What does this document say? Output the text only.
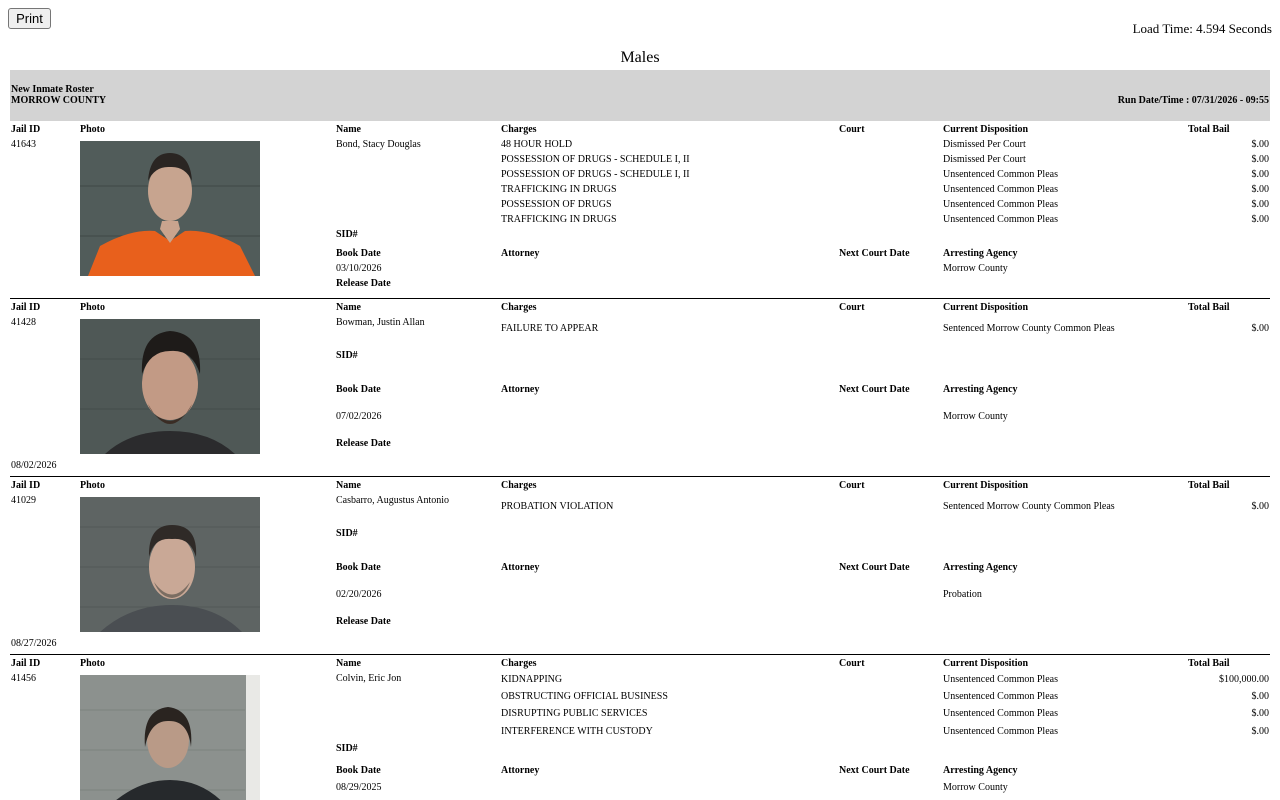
Print
Load Time: 4.594 Seconds
Males
New Inmate Roster
MORROW COUNTY	Run Date/Time : 07/31/2026 - 09:55
Jail ID	Photo	Name	Charges	Court	Current Disposition	Total Bail
41643	Bond, Stacy Douglas	48 HOUR HOLD	Dismissed Per Court	$.00
POSSESSION OF DRUGS - SCHEDULE I, II	Dismissed Per Court	$.00
POSSESSION OF DRUGS - SCHEDULE I, II	Unsentenced Common Pleas	$.00
TRAFFICKING IN DRUGS	Unsentenced Common Pleas	$.00
POSSESSION OF DRUGS	Unsentenced Common Pleas	$.00
TRAFFICKING IN DRUGS	Unsentenced Common Pleas	$.00
SID#
Book Date	Attorney	Next Court Date	Arresting Agency
03/10/2026	Morrow County
Release Date
Jail ID	Photo	Name	Charges	Court	Current Disposition	Total Bail
41428	Bowman, Justin Allan
FAILURE TO APPEAR	Sentenced Morrow County Common Pleas	$.00
SID#
Book Date	Attorney	Next Court Date	Arresting Agency
07/02/2026	Morrow County
Release Date
08/02/2026
Jail ID	Photo	Name	Charges	Court	Current Disposition	Total Bail
41029	Casbarro, Augustus Antonio
PROBATION VIOLATION	Sentenced Morrow County Common Pleas	$.00
SID#
Book Date	Attorney	Next Court Date	Arresting Agency
02/20/2026	Probation
Release Date
08/27/2026
Jail ID	Photo	Name	Charges	Court	Current Disposition	Total Bail
41456	Colvin, Eric Jon	KIDNAPPING	Unsentenced Common Pleas	$100,000.00
OBSTRUCTING OFFICIAL BUSINESS	Unsentenced Common Pleas	$.00
DISRUPTING PUBLIC SERVICES	Unsentenced Common Pleas	$.00
INTERFERENCE WITH CUSTODY	Unsentenced Common Pleas	$.00
SID#
Book Date	Attorney	Next Court Date	Arresting Agency
08/29/2025	Morrow County
